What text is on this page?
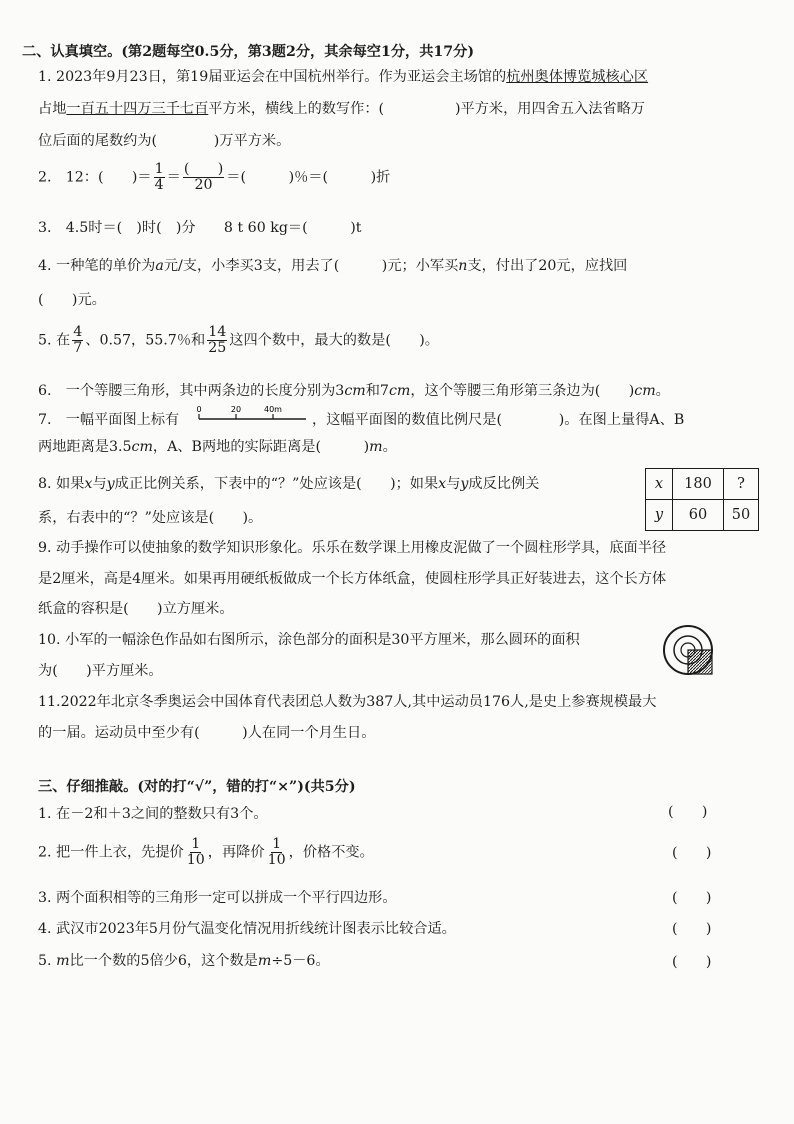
二、认真填空。(第2题每空0.5分，第3题2分，其余每空1分，共17分)
1. 2023年9月23日，第19届亚运会在中国杭州举行。作为亚运会主场馆的杭州奥体博览城核心区
占地一百五十四万三千七百平方米，横线上的数写作：(　　　　　)平方米，用四舍五入法省略万
位后面的尾数约为(　　　　)万平方米。
2.　12：(　　)＝ $\frac{1}{4} = \frac{( )}{20}$ ＝(　　　)％＝(　　　)折
3.　4.5时＝(　)时(　)分　　8 t 60 kg＝(　　　)t
4. 一种笔的单价为a元/支，小李买3支，用去了(　　　)元；小军买n支，付出了20元，应找回
(　　)元。
5. 在 $\frac{4}{7}$ 、0.57，55.7％和 $\frac{14}{25}$ 这四个数中，最大的数是(　　)。
6.　一个等腰三角形，其中两条边的长度分别为3cm和7cm，这个等腰三角形第三条边为(　　)cm。
7.　一幅平面图上标有
0	20	40m
，这幅平面图的数值比例尺是(　　　　)。在图上量得A、B
两地距离是3.5cm，A、B两地的实际距离是(　　　)m。
8. 如果x与y成正比例关系，下表中的“？”处应该是(　　)；如果x与y成反比例关
系，右表中的“？”处应该是(　　)。
x	180	?
y	60	50
9. 动手操作可以使抽象的数学知识形象化。乐乐在数学课上用橡皮泥做了一个圆柱形学具，底面半径
是2厘米，高是4厘米。如果再用硬纸板做成一个长方体纸盒，使圆柱形学具正好装进去，这个长方体
纸盒的容积是(　　)立方厘米。
10. 小军的一幅涂色作品如右图所示，涂色部分的面积是30平方厘米，那么圆环的面积
为(　　)平方厘米。
11.2022年北京冬季奥运会中国体育代表团总人数为387人,其中运动员176人,是史上参赛规模最大
的一届。运动员中至少有(　　　)人在同一个月生日。
三、仔细推敲。(对的打“√”，错的打“×”)(共5分)
1. 在－2和＋3之间的整数只有3个。	(　　)
2. 把一件上衣，先提价 $\frac{1}{10}$ ，再降价 $\frac{1}{10}$ ，价格不变。	(　　)
3. 两个面积相等的三角形一定可以拼成一个平行四边形。	(　　)
4. 武汉市2023年5月份气温变化情况用折线统计图表示比较合适。	(　　)
5. m比一个数的5倍少6，这个数是m÷5－6。	(　　)
